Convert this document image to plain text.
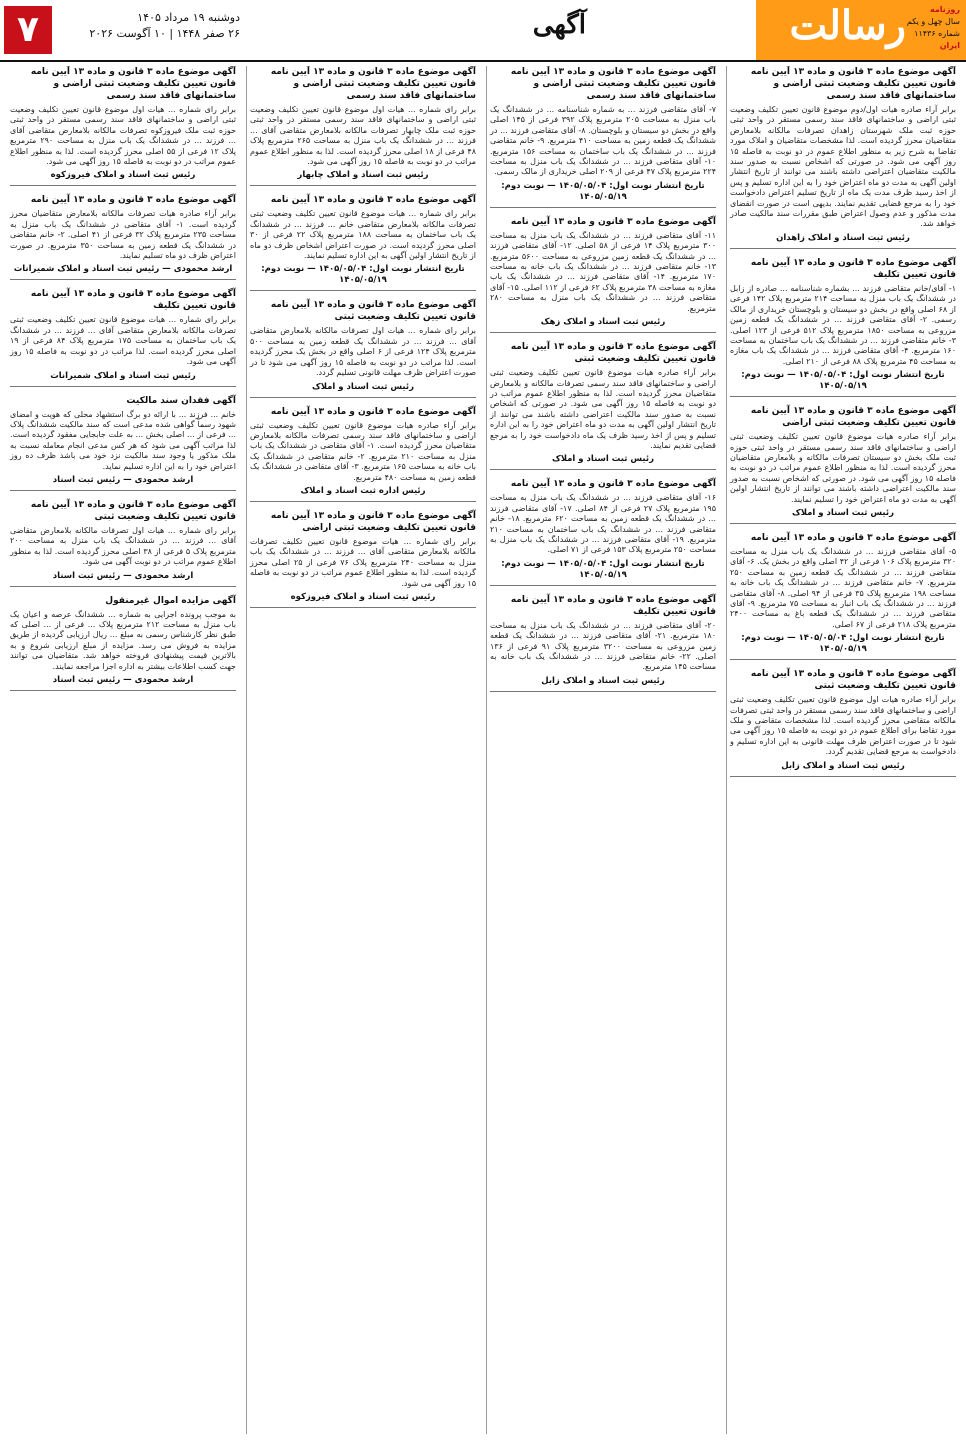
رسالت	روزنامه
سال چهل و یکم
شماره ۱۱۴۳۶
ایران
آگهی
دوشنبه ۱۹ مرداد ۱۴۰۵
۲۶ صفر ۱۴۴۸ | ۱۰ آگوست ۲۰۲۶
۷
آگهی موضوع ماده ۳ قانون و ماده ۱۳ آیین نامه قانون تعیین تکلیف وضعیت ثبتی اراضی و ساختمانهای فاقد سند رسمی
برابر آراء صادره هیات اول/دوم موضوع قانون تعیین تکلیف وضعیت ثبتی اراضی و ساختمانهای فاقد سند رسمی مستقر در واحد ثبتی حوزه ثبت ملک شهرستان زاهدان تصرفات مالکانه بلامعارض متقاضیان محرز گردیده است. لذا مشخصات متقاضیان و املاک مورد تقاضا به شرح زیر به منظور اطلاع عموم در دو نوبت به فاصله ۱۵ روز آگهی می شود. در صورتی که اشخاص نسبت به صدور سند مالکیت متقاضیان اعتراضی داشته باشند می توانند از تاریخ انتشار اولین آگهی به مدت دو ماه اعتراض خود را به این اداره تسلیم و پس از اخذ رسید ظرف مدت یک ماه از تاریخ تسلیم اعتراض دادخواست خود را به مرجع قضایی تقدیم نمایند. بدیهی است در صورت انقضای مدت مذکور و عدم وصول اعتراض طبق مقررات سند مالکیت صادر خواهد شد.
رئیس ثبت اسناد و املاک زاهدان
آگهی موضوع ماده ۳ قانون و ماده ۱۳ آیین نامه قانون تعیین تکلیف
۱- آقای/خانم متقاضی فرزند ... بشماره شناسنامه ... صادره از زابل در ششدانگ یک باب منزل به مساحت ۲۱۴ مترمربع پلاک ۱۴۲ فرعی از ۶۸ اصلی واقع در بخش دو سیستان و بلوچستان خریداری از مالک رسمی. ۲- آقای متقاضی فرزند ... در ششدانگ یک قطعه زمین مزروعی به مساحت ۱۸۵۰ مترمربع پلاک ۵۱۲ فرعی از ۱۲۳ اصلی. ۳- خانم متقاضی فرزند ... در ششدانگ یک باب ساختمان به مساحت ۱۶۰ مترمربع. ۴- آقای متقاضی فرزند ... در ششدانگ یک باب مغازه به مساحت ۴۵ مترمربع پلاک ۸۸ فرعی از ۲۱۰ اصلی.
تاریخ انتشار نوبت اول: ۱۴۰۵/۰۵/۰۴ — نوبت دوم: ۱۴۰۵/۰۵/۱۹
آگهی موضوع ماده ۳ قانون و ماده ۱۳ آیین نامه قانون تعیین تکلیف وضعیت ثبتی اراضی
برابر آراء صادره هیات موضوع قانون تعیین تکلیف وضعیت ثبتی اراضی و ساختمانهای فاقد سند رسمی مستقر در واحد ثبتی حوزه ثبت ملک بخش دو سیستان تصرفات مالکانه و بلامعارض متقاضیان محرز گردیده است. لذا به منظور اطلاع عموم مراتب در دو نوبت به فاصله ۱۵ روز آگهی می شود. در صورتی که اشخاص نسبت به صدور سند مالکیت اعتراضی داشته باشند می توانند از تاریخ انتشار اولین آگهی به مدت دو ماه اعتراض خود را تسلیم نمایند.
رئیس ثبت اسناد و املاک
آگهی موضوع ماده ۳ قانون و ماده ۱۳ آیین نامه
۵- آقای متقاضی فرزند ... در ششدانگ یک باب منزل به مساحت ۳۲۰ مترمربع پلاک ۱۰۶ فرعی از ۴۲ اصلی واقع در بخش یک. ۶- آقای متقاضی فرزند ... در ششدانگ یک قطعه زمین به مساحت ۲۵۰ مترمربع. ۷- خانم متقاضی فرزند ... در ششدانگ یک باب خانه به مساحت ۱۹۸ مترمربع پلاک ۳۵ فرعی از ۹۴ اصلی. ۸- آقای متقاضی فرزند ... در ششدانگ یک باب انبار به مساحت ۷۵ مترمربع. ۹- آقای متقاضی فرزند ... در ششدانگ یک قطعه باغ به مساحت ۲۴۰۰ مترمربع پلاک ۲۱۸ فرعی از ۶۷ اصلی.
تاریخ انتشار نوبت اول: ۱۴۰۵/۰۵/۰۴ — نوبت دوم: ۱۴۰۵/۰۵/۱۹
آگهی موضوع ماده ۳ قانون و ماده ۱۳ آیین نامه قانون تعیین تکلیف وضعیت ثبتی
برابر آراء صادره هیات اول موضوع قانون تعیین تکلیف وضعیت ثبتی اراضی و ساختمانهای فاقد سند رسمی مستقر در واحد ثبتی تصرفات مالکانه متقاضی محرز گردیده است. لذا مشخصات متقاضی و ملک مورد تقاضا برای اطلاع عموم در دو نوبت به فاصله ۱۵ روز آگهی می شود تا در صورت اعتراض ظرف مهلت قانونی به این اداره تسلیم و دادخواست به مرجع قضایی تقدیم گردد.
رئیس ثبت اسناد و املاک زابل
آگهی موضوع ماده ۳ قانون و ماده ۱۳ آیین نامه قانون تعیین تکلیف وضعیت ثبتی اراضی و ساختمانهای فاقد سند رسمی
۷- آقای متقاضی فرزند ... به شماره شناسنامه ... در ششدانگ یک باب منزل به مساحت ۲۰۵ مترمربع پلاک ۳۹۲ فرعی از ۱۴۵ اصلی واقع در بخش دو سیستان و بلوچستان. ۸- آقای متقاضی فرزند ... در ششدانگ یک قطعه زمین به مساحت ۴۱۰ مترمربع. ۹- خانم متقاضی فرزند ... در ششدانگ یک باب ساختمان به مساحت ۱۵۶ مترمربع. ۱۰- آقای متقاضی فرزند ... در ششدانگ یک باب منزل به مساحت ۲۲۴ مترمربع پلاک ۴۷ فرعی از ۲۰۹ اصلی خریداری از مالک رسمی.
تاریخ انتشار نوبت اول: ۱۴۰۵/۰۵/۰۴ — نوبت دوم: ۱۴۰۵/۰۵/۱۹
آگهی موضوع ماده ۳ قانون و ماده ۱۳ آیین نامه
۱۱- آقای متقاضی فرزند ... در ششدانگ یک باب منزل به مساحت ۳۰۰ مترمربع پلاک ۱۴ فرعی از ۵۸ اصلی. ۱۲- آقای متقاضی فرزند ... در ششدانگ یک قطعه زمین مزروعی به مساحت ۵۶۰۰ مترمربع. ۱۳- خانم متقاضی فرزند ... در ششدانگ یک باب خانه به مساحت ۱۷۰ مترمربع. ۱۴- آقای متقاضی فرزند ... در ششدانگ یک باب مغازه به مساحت ۳۸ مترمربع پلاک ۶۲ فرعی از ۱۱۲ اصلی. ۱۵- آقای متقاضی فرزند ... در ششدانگ یک باب منزل به مساحت ۲۸۰ مترمربع.
رئیس ثبت اسناد و املاک زهک
آگهی موضوع ماده ۳ قانون و ماده ۱۳ آیین نامه قانون تعیین تکلیف وضعیت ثبتی
برابر آراء صادره هیات موضوع قانون تعیین تکلیف وضعیت ثبتی اراضی و ساختمانهای فاقد سند رسمی تصرفات مالکانه و بلامعارض متقاضیان محرز گردیده است. لذا به منظور اطلاع عموم مراتب در دو نوبت به فاصله ۱۵ روز آگهی می شود. در صورتی که اشخاص نسبت به صدور سند مالکیت اعتراضی داشته باشند می توانند از تاریخ انتشار اولین آگهی به مدت دو ماه اعتراض خود را به این اداره تسلیم و پس از اخذ رسید ظرف یک ماه دادخواست خود را به مرجع قضایی تقدیم نمایند.
رئیس ثبت اسناد و املاک
آگهی موضوع ماده ۳ قانون و ماده ۱۳ آیین نامه
۱۶- آقای متقاضی فرزند ... در ششدانگ یک باب منزل به مساحت ۱۹۵ مترمربع پلاک ۲۷ فرعی از ۸۴ اصلی. ۱۷- آقای متقاضی فرزند ... در ششدانگ یک قطعه زمین به مساحت ۶۲۰ مترمربع. ۱۸- خانم متقاضی فرزند ... در ششدانگ یک باب ساختمان به مساحت ۲۱۰ مترمربع. ۱۹- آقای متقاضی فرزند ... در ششدانگ یک باب منزل به مساحت ۲۵۰ مترمربع پلاک ۱۵۳ فرعی از ۷۱ اصلی.
تاریخ انتشار نوبت اول: ۱۴۰۵/۰۵/۰۴ — نوبت دوم: ۱۴۰۵/۰۵/۱۹
آگهی موضوع ماده ۳ قانون و ماده ۱۳ آیین نامه قانون تعیین تکلیف
۲۰- آقای متقاضی فرزند ... در ششدانگ یک باب منزل به مساحت ۱۸۰ مترمربع. ۲۱- آقای متقاضی فرزند ... در ششدانگ یک قطعه زمین مزروعی به مساحت ۳۲۰۰ مترمربع پلاک ۹۱ فرعی از ۱۳۶ اصلی. ۲۲- خانم متقاضی فرزند ... در ششدانگ یک باب خانه به مساحت ۱۴۵ مترمربع.
رئیس ثبت اسناد و املاک زابل
آگهی موضوع ماده ۳ قانون و ماده ۱۳ آیین نامه قانون تعیین تکلیف وضعیت ثبتی اراضی و ساختمانهای فاقد سند رسمی
برابر رای شماره ... هیات اول موضوع قانون تعیین تکلیف وضعیت ثبتی اراضی و ساختمانهای فاقد سند رسمی مستقر در واحد ثبتی حوزه ثبت ملک چابهار تصرفات مالکانه بلامعارض متقاضی آقای ... فرزند ... در ششدانگ یک باب منزل به مساحت ۲۶۵ مترمربع پلاک ۴۸ فرعی از ۱۸ اصلی محرز گردیده است. لذا به منظور اطلاع عموم مراتب در دو نوبت به فاصله ۱۵ روز آگهی می شود.
رئیس ثبت اسناد و املاک چابهار
آگهی موضوع ماده ۳ قانون و ماده ۱۳ آیین نامه
برابر رای شماره ... هیات موضوع قانون تعیین تکلیف وضعیت ثبتی تصرفات مالکانه بلامعارض متقاضی خانم ... فرزند ... در ششدانگ یک باب ساختمان به مساحت ۱۸۸ مترمربع پلاک ۲۲ فرعی از ۳۰ اصلی محرز گردیده است. در صورت اعتراض اشخاص ظرف دو ماه از تاریخ انتشار اولین آگهی به این اداره تسلیم نمایند.
تاریخ انتشار نوبت اول: ۱۴۰۵/۰۵/۰۴ — نوبت دوم: ۱۴۰۵/۰۵/۱۹
آگهی موضوع ماده ۳ قانون و ماده ۱۳ آیین نامه قانون تعیین تکلیف وضعیت ثبتی
برابر رای شماره ... هیات اول تصرفات مالکانه بلامعارض متقاضی آقای ... فرزند ... در ششدانگ یک قطعه زمین به مساحت ۵۰۰ مترمربع پلاک ۱۲۴ فرعی از ۶ اصلی واقع در بخش یک محرز گردیده است. لذا مراتب در دو نوبت به فاصله ۱۵ روز آگهی می شود تا در صورت اعتراض ظرف مهلت قانونی تسلیم گردد.
رئیس ثبت اسناد و املاک
آگهی موضوع ماده ۳ قانون و ماده ۱۳ آیین نامه
برابر آراء صادره هیات موضوع قانون تعیین تکلیف وضعیت ثبتی اراضی و ساختمانهای فاقد سند رسمی تصرفات مالکانه بلامعارض متقاضیان محرز گردیده است. ۱- آقای متقاضی در ششدانگ یک باب منزل به مساحت ۲۱۰ مترمربع. ۲- خانم متقاضی در ششدانگ یک باب خانه به مساحت ۱۶۵ مترمربع. ۳- آقای متقاضی در ششدانگ یک قطعه زمین به مساحت ۴۸۰ مترمربع.
رئیس اداره ثبت اسناد و املاک
آگهی موضوع ماده ۳ قانون و ماده ۱۳ آیین نامه قانون تعیین تکلیف وضعیت ثبتی اراضی
برابر رای شماره ... هیات موضوع قانون تعیین تکلیف تصرفات مالکانه بلامعارض متقاضی آقای ... فرزند ... در ششدانگ یک باب منزل به مساحت ۲۴۰ مترمربع پلاک ۷۶ فرعی از ۲۵ اصلی محرز گردیده است. لذا به منظور اطلاع عموم مراتب در دو نوبت به فاصله ۱۵ روز آگهی می شود.
رئیس ثبت اسناد و املاک فیروزکوه
آگهی موضوع ماده ۳ قانون و ماده ۱۳ آیین نامه قانون تعیین تکلیف وضعیت ثبتی اراضی و ساختمانهای فاقد سند رسمی
برابر رای شماره ... هیات اول موضوع قانون تعیین تکلیف وضعیت ثبتی اراضی و ساختمانهای فاقد سند رسمی مستقر در واحد ثبتی حوزه ثبت ملک فیروزکوه تصرفات مالکانه بلامعارض متقاضی آقای ... فرزند ... در ششدانگ یک باب منزل به مساحت ۲۹۰ مترمربع پلاک ۱۲ فرعی از ۵۵ اصلی محرز گردیده است. لذا به منظور اطلاع عموم مراتب در دو نوبت به فاصله ۱۵ روز آگهی می شود.
رئیس ثبت اسناد و املاک فیروزکوه
آگهی موضوع ماده ۳ قانون و ماده ۱۳ آیین نامه
برابر آراء صادره هیات تصرفات مالکانه بلامعارض متقاضیان محرز گردیده است. ۱- آقای متقاضی در ششدانگ یک باب منزل به مساحت ۲۳۵ مترمربع پلاک ۳۲ فرعی از ۴۱ اصلی. ۲- خانم متقاضی در ششدانگ یک قطعه زمین به مساحت ۳۵۰ مترمربع. در صورت اعتراض ظرف دو ماه تسلیم نمایند.
ارشد محمودی — رئیس ثبت اسناد و املاک شمیرانات
آگهی موضوع ماده ۳ قانون و ماده ۱۳ آیین نامه قانون تعیین تکلیف
برابر رای شماره ... هیات موضوع قانون تعیین تکلیف وضعیت ثبتی تصرفات مالکانه بلامعارض متقاضی آقای ... فرزند ... در ششدانگ یک باب ساختمان به مساحت ۱۷۵ مترمربع پلاک ۸۴ فرعی از ۱۹ اصلی محرز گردیده است. لذا مراتب در دو نوبت به فاصله ۱۵ روز آگهی می شود.
رئیس ثبت اسناد و املاک شمیرانات
آگهی فقدان سند مالکیت
خانم ... فرزند ... با ارائه دو برگ استشهاد محلی که هویت و امضای شهود رسماً گواهی شده مدعی است که سند مالکیت ششدانگ پلاک ... فرعی از ... اصلی بخش ... به علت جابجایی مفقود گردیده است. لذا مراتب آگهی می شود که هر کس مدعی انجام معامله نسبت به ملک مذکور یا وجود سند مالکیت نزد خود می باشد ظرف ده روز اعتراض خود را به این اداره تسلیم نماید.
ارشد محمودی — رئیس ثبت اسناد
آگهی موضوع ماده ۳ قانون و ماده ۱۳ آیین نامه قانون تعیین تکلیف وضعیت ثبتی
برابر رای شماره ... هیات اول تصرفات مالکانه بلامعارض متقاضی آقای ... فرزند ... در ششدانگ یک باب منزل به مساحت ۲۰۰ مترمربع پلاک ۵ فرعی از ۳۸ اصلی محرز گردیده است. لذا به منظور اطلاع عموم مراتب در دو نوبت آگهی می شود.
ارشد محمودی — رئیس ثبت اسناد
آگهی مزایده اموال غیرمنقول
به موجب پرونده اجرایی به شماره ... ششدانگ عرصه و اعیان یک باب منزل به مساحت ۲۱۲ مترمربع پلاک ... فرعی از ... اصلی که طبق نظر کارشناس رسمی به مبلغ ... ریال ارزیابی گردیده از طریق مزایده به فروش می رسد. مزایده از مبلغ ارزیابی شروع و به بالاترین قیمت پیشنهادی فروخته خواهد شد. متقاضیان می توانند جهت کسب اطلاعات بیشتر به اداره اجرا مراجعه نمایند.
ارشد محمودی — رئیس ثبت اسناد
